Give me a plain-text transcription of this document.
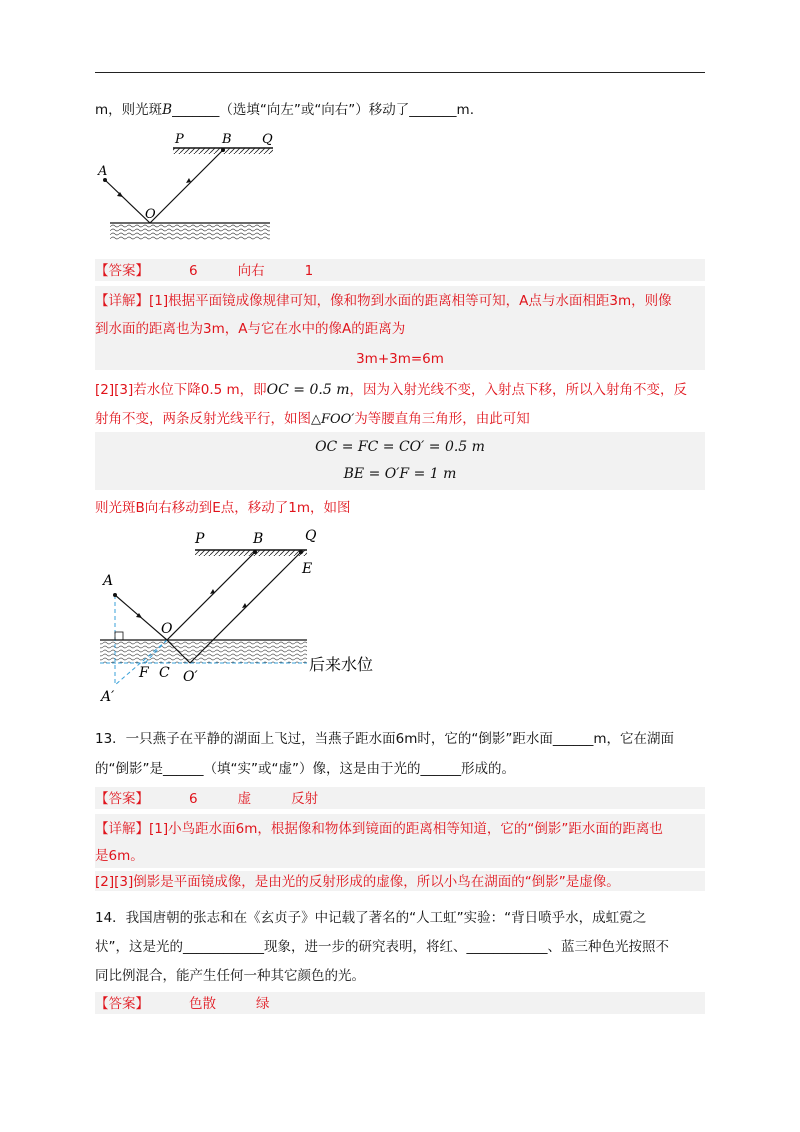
m，则光斑B_______（选填“向左”或“向右”）移动了_______m.
P	B Q
A
O
【答案】	6	向右	1
【详解】[1]根据平面镜成像规律可知，像和物到水面的距离相等可知，A点与水面相距3m，则像
到水面的距离也为3m，A与它在水中的像A的距离为
3m+3m=6m
[2][3]若水位下降0.5 m，即OC = 0.5 m，因为入射光线不变，入射点下移，所以入射角不变，反
射角不变，两条反射光线平行，如图△FOO′为等腰直角三角形，由此可知
OC = FC = CO′ = 0.5 m
BE = O′F = 1 m
则光斑B向右移动到E点，移动了1m，如图
P	B	Q
E
A
O
F C O′
A′
后来水位
13．一只燕子在平静的湖面上飞过，当燕子距水面6m时，它的“倒影”距水面______m，它在湖面
的“倒影”是______（填“实”或“虚”）像，这是由于光的______形成的。
【答案】	6	虚	反射
【详解】[1]小鸟距水面6m，根据像和物体到镜面的距离相等知道，它的“倒影”距水面的距离也
是6m。
[2][3]倒影是平面镜成像，是由光的反射形成的虚像，所以小鸟在湖面的“倒影”是虚像。
14．我国唐朝的张志和在《玄贞子》中记载了著名的“人工虹”实验：“背日喷乎水，成虹霓之
状”，这是光的____________现象，进一步的研究表明，将红、____________、蓝三种色光按照不
同比例混合，能产生任何一种其它颜色的光。
【答案】	色散	绿
